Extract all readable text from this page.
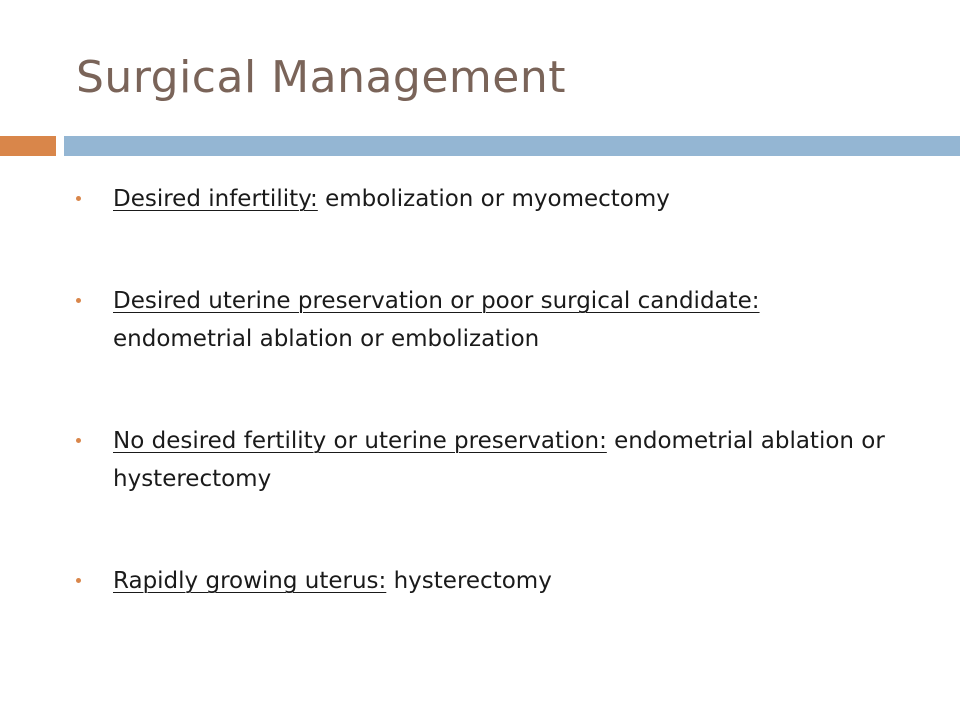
Surgical Management
Desired infertility: embolization or myomectomy
Desired uterine preservation or poor surgical candidate: endometrial ablation or embolization
No desired fertility or uterine preservation: endometrial ablation or hysterectomy
Rapidly growing uterus: hysterectomy
